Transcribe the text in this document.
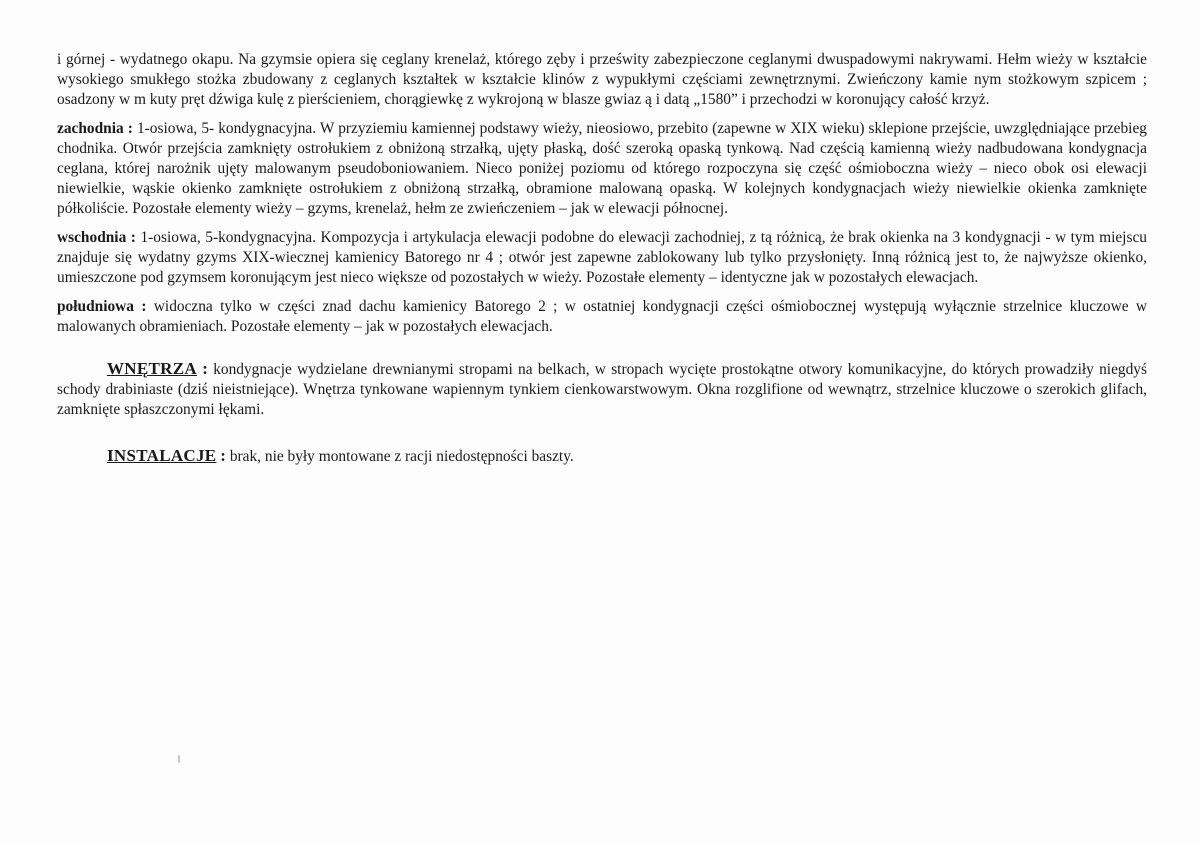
i górnej - wydatnego okapu. Na gzymsie opiera się ceglany krenelaż, którego zęby i prześwity zabezpieczone ceglanymi dwuspadowymi nakrywami. Hełm wieży w kształcie wysokiego smukłego stożka zbudowany z ceglanych kształtek w kształcie klinów z wypukłymi częściami zewnętrznymi. Zwieńczony kamie nym stożkowym szpicem ; osadzony w m kuty pręt dźwiga kulę z pierścieniem, chorągiewkę z wykrojoną w blasze gwiaz ą i datą „1580” i przechodzi w koronujący całość krzyż.

zachodnia : 1-osiowa, 5- kondygnacyjna. W przyziemiu kamiennej podstawy wieży, nieosiowo, przebito (zapewne w XIX wieku) sklepione przejście, uwzględniające przebieg chodnika. Otwór przejścia zamknięty ostrołukiem z obniżoną strzałką, ujęty płaską, dość szeroką opaską tynkową. Nad częścią kamienną wieży nadbudowana kondygnacja ceglana, której narożnik ujęty malowanym pseudoboniowaniem. Nieco poniżej poziomu od którego rozpoczyna się część ośmioboczna wieży – nieco obok osi elewacji niewielkie, wąskie okienko zamknięte ostrołukiem z obniżoną strzałką, obramione malowaną opaską. W kolejnych kondygnacjach wieży niewielkie okienka zamknięte półkoliście. Pozostałe elementy wieży – gzyms, krenelaż, hełm ze zwieńczeniem – jak w elewacji północnej.

wschodnia : 1-osiowa, 5-kondygnacyjna. Kompozycja i artykulacja elewacji podobne do elewacji zachodniej, z tą różnicą, że brak okienka na 3 kondygnacji - w tym miejscu znajduje się wydatny gzyms XIX-wiecznej kamienicy Batorego nr 4 ; otwór jest zapewne zablokowany lub tylko przysłonięty. Inną różnicą jest to, że najwyższe okienko, umieszczone pod gzymsem koronującym jest nieco większe od pozostałych w wieży. Pozostałe elementy – identyczne jak w pozostałych elewacjach.

południowa : widoczna tylko w części znad dachu kamienicy Batorego 2 ; w ostatniej kondygnacji części ośmiobocznej występują wyłącznie strzelnice kluczowe w malowanych obramieniach. Pozostałe elementy – jak w pozostałych elewacjach.

WNĘTRZA : kondygnacje wydzielane drewnianymi stropami na belkach, w stropach wycięte prostokątne otwory komunikacyjne, do których prowadziły niegdyś schody drabiniaste (dziś nieistniejące). Wnętrza tynkowane wapiennym tynkiem cienkowarstwowym. Okna rozglifione od wewnątrz, strzelnice kluczowe o szerokich glifach, zamknięte spłaszczonymi łękami.

INSTALACJE : brak, nie były montowane z racji niedostępności baszty.
